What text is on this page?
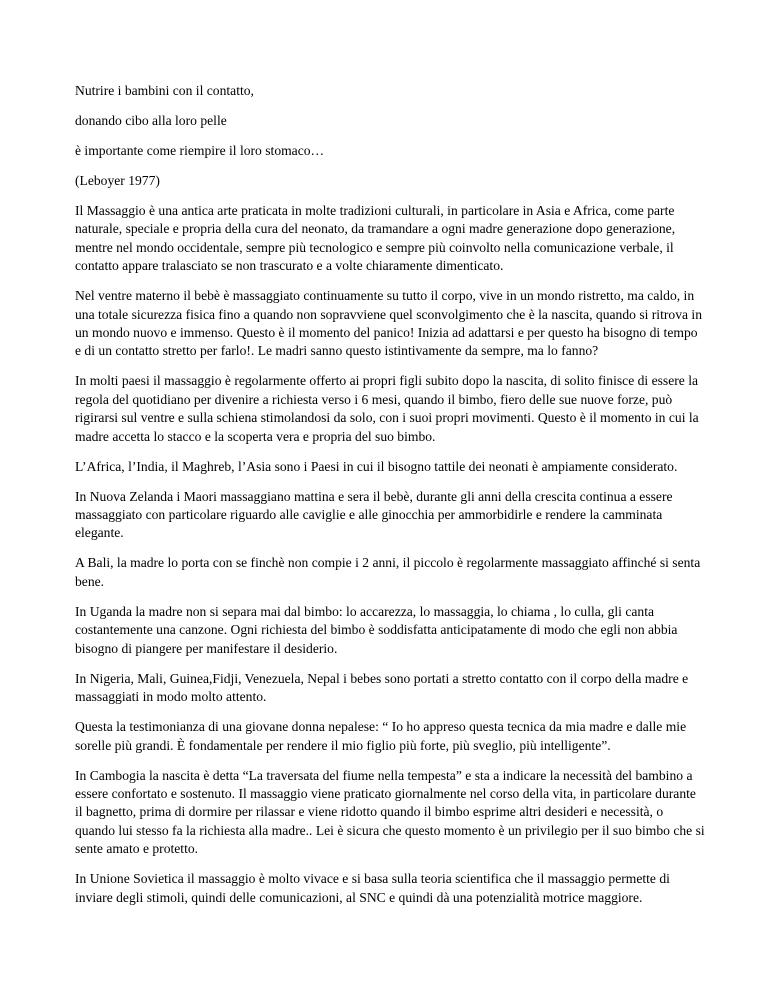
Nutrire i bambini con il contatto,

donando cibo alla loro pelle

è importante come riempire il loro stomaco…

(Leboyer 1977)

Il Massaggio è una antica arte praticata in molte tradizioni culturali, in particolare in Asia e Africa, come parte naturale, speciale e propria della cura del neonato, da tramandare a ogni madre generazione dopo generazione, mentre nel mondo occidentale, sempre più tecnologico e sempre più coinvolto nella comunicazione verbale, il contatto appare tralasciato se non trascurato e a volte chiaramente dimenticato.

Nel ventre materno il bebè è massaggiato continuamente su tutto il corpo, vive in un mondo ristretto, ma caldo, in una totale sicurezza fisica fino a quando non sopravviene quel sconvolgimento che è la nascita, quando si ritrova in un mondo nuovo e immenso. Questo è il momento del panico! Inizia ad adattarsi e per questo ha bisogno di tempo e di un contatto stretto per farlo!. Le madri sanno questo istintivamente da sempre, ma lo fanno?

In molti paesi il massaggio è regolarmente offerto ai propri figli subito dopo la nascita, di solito finisce di essere la regola del quotidiano per divenire a richiesta verso i 6 mesi, quando il bimbo, fiero delle sue nuove forze, può rigirarsi sul ventre e sulla schiena stimolandosi da solo, con i suoi propri movimenti. Questo è il momento in cui la madre accetta lo stacco e la scoperta vera e propria del suo bimbo.

L’Africa, l’India, il Maghreb, l’Asia sono i Paesi in cui il bisogno tattile dei neonati è ampiamente considerato.

In Nuova Zelanda i Maori massaggiano mattina e sera il bebè, durante gli anni della crescita continua a essere massaggiato con particolare riguardo alle caviglie e alle ginocchia per ammorbidirle e rendere la camminata elegante.

A Bali, la madre lo porta con se finchè non compie i 2 anni, il piccolo è regolarmente massaggiato affinché si senta bene.

In Uganda la madre non si separa mai dal bimbo: lo accarezza, lo massaggia, lo chiama , lo culla, gli canta costantemente una canzone. Ogni richiesta del bimbo è soddisfatta anticipatamente di modo che egli non abbia bisogno di piangere per manifestare il desiderio.

In Nigeria, Mali, Guinea,Fidji, Venezuela, Nepal i bebes sono portati a stretto contatto con il corpo della madre e massaggiati in modo molto attento.

Questa la testimonianza di una giovane donna nepalese: “ Io ho appreso questa tecnica da mia madre e dalle mie sorelle più grandi. È fondamentale per rendere il mio figlio più forte, più sveglio, più intelligente”.

In Cambogia la nascita è detta “La traversata del fiume nella tempesta” e sta a indicare la necessità del bambino a essere confortato e sostenuto. Il massaggio viene praticato giornalmente nel corso della vita, in particolare durante il bagnetto, prima di dormire per rilassar e viene ridotto quando il bimbo esprime altri desideri e necessità, o quando lui stesso fa la richiesta alla madre.. Lei è sicura che questo momento è un privilegio per il suo bimbo che si sente amato e protetto.

In Unione Sovietica il massaggio è molto vivace e si basa sulla teoria scientifica che il massaggio permette di inviare degli stimoli, quindi delle comunicazioni, al SNC e quindi dà una potenzialità motrice maggiore.
